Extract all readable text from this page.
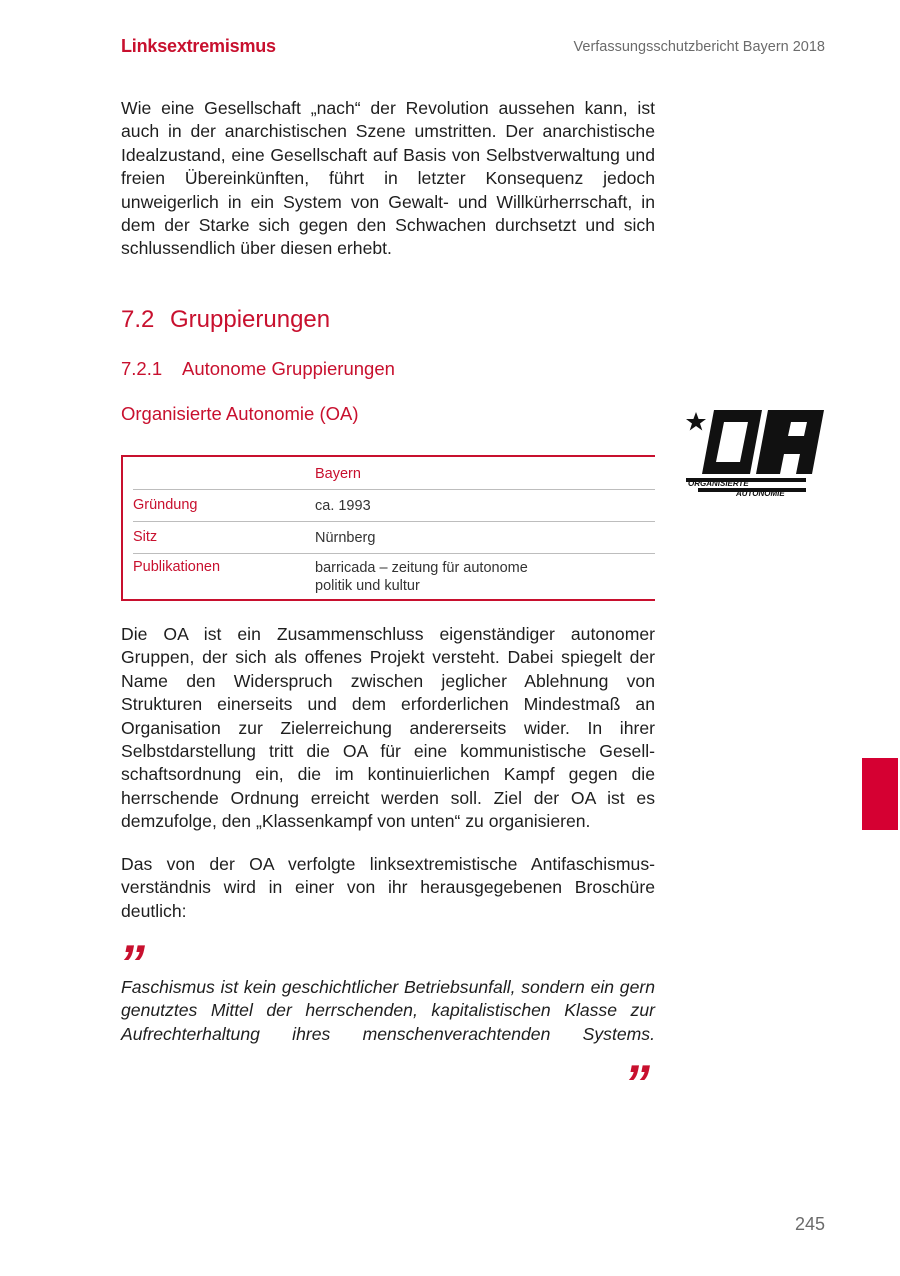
Linksextremismus	Verfassungsschutzbericht Bayern 2018

Wie eine Gesellschaft „nach“ der Revolution aussehen kann, ist auch in der anarchistischen Szene umstritten. Der anarchistische Idealzustand, eine Gesellschaft auf Basis von Selbstverwaltung und freien Übereinkünften, führt in letzter Konsequenz jedoch unweigerlich in ein System von Gewalt- und Willkürherrschaft, in dem der Starke sich gegen den Schwachen durchsetzt und sich schlussendlich über diesen erhebt.

7.2 Gruppierungen
7.2.1 Autonome Gruppierungen
Organisierte Autonomie (OA)
Bayern
Gründung	ca. 1993
Sitz	Nürnberg
Publikationen	barricada – zeitung für autonome
politik und kultur
ORGANISIERTE
AUTONOMIE

Die OA ist ein Zusammenschluss eigenständiger autonomer Gruppen, der sich als offenes Projekt versteht. Dabei spiegelt der Name den Widerspruch zwischen jeglicher Ablehnung von Strukturen einerseits und dem erforderlichen Mindestmaß an Organisation zur Zielerreichung andererseits wider. In ihrer Selbstdarstellung tritt die OA für eine kommunistische Gesellschaftsordnung ein, die im kontinuierlichen Kampf gegen die herrschende Ordnung erreicht werden soll. Ziel der OA ist es demzufolge, den „Klassenkampf von unten“ zu organisieren.

Das von der OA verfolgte linksextremistische Antifaschismusverständnis wird in einer von ihr herausgegebenen Broschüre deutlich:

”
Faschismus ist kein geschichtlicher Betriebsunfall, sondern ein gern genutztes Mittel der herrschenden, kapitalistischen Klasse zur Aufrechterhaltung ihres menschenverachtenden Systems.
”
245
